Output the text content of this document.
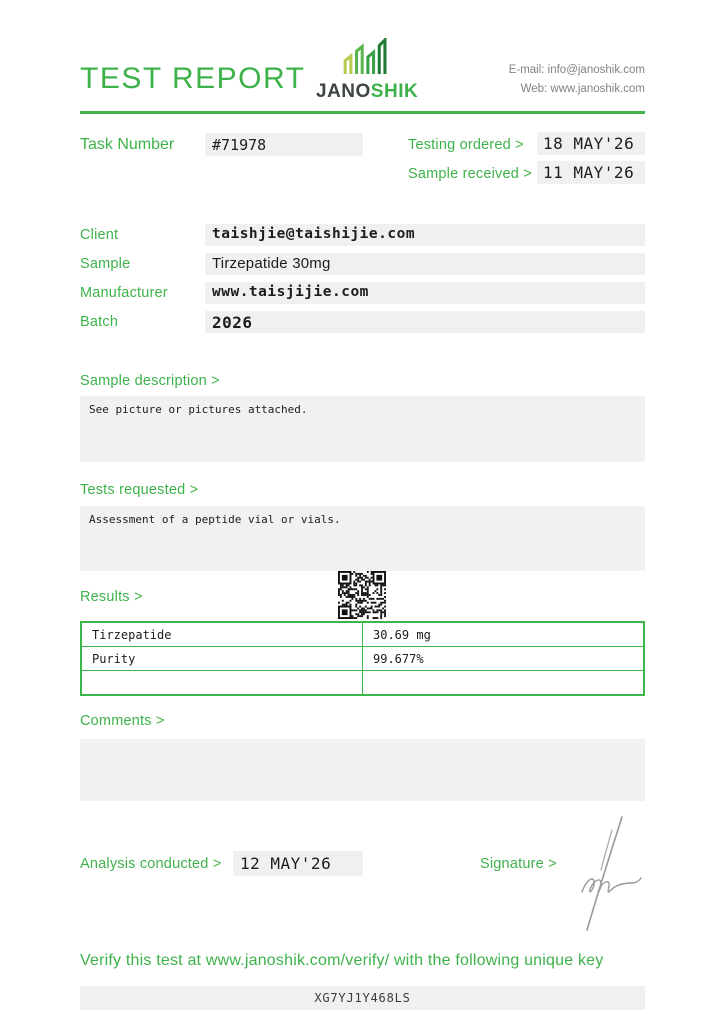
TEST REPORT JANOSHIK
E-mail: info@janoshik.com
Web: www.janoshik.com
Task Number	#71978	Testing ordered >	18 MAY'26
Sample received > 11 MAY'26
Client	taishjie@taishijie.com
Sample	Tirzepatide 30mg
Manufacturer	www.taisjijie.com
Batch	2026
Sample description >
See picture or pictures attached.
Tests requested >
Assessment of a peptide vial or vials.
Results >
Tirzepatide	30.69 mg
Purity	99.677%

Comments >
Analysis conducted >	12 MAY'26	Signature >
Verify this test at www.janoshik.com/verify/ with the following unique key
XG7YJ1Y468LS
